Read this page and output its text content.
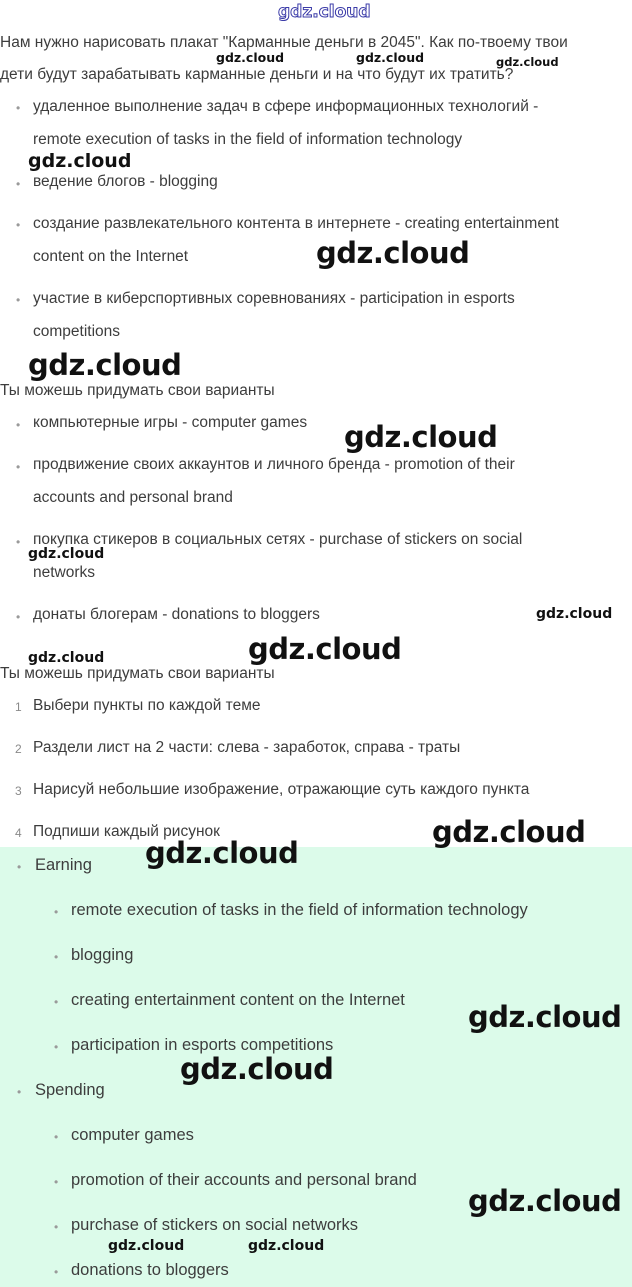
gdz.cloud
Нам нужно нарисовать плакат "Карманные деньги в 2045". Как по-твоему твои
дети будут зарабатывать карманные деньги и на что будут их тратить?
• удаленное выполнение задач в сфере информационных технологий -
remote execution of tasks in the field of information technology
• ведение блогов - blogging
• создание развлекательного контента в интернете - creating entertainment
content on the Internet
• участие в киберспортивных соревнованиях - participation in esports
competitions
Ты можешь придумать свои варианты
• компьютерные игры - computer games
• продвижение своих аккаунтов и личного бренда - promotion of their
accounts and personal brand
• покупка стикеров в социальных сетях - purchase of stickers on social
networks
• донаты блогерам - donations to bloggers
Ты можешь придумать свои варианты
1 Выбери пункты по каждой теме
2 Раздели лист на 2 части: слева - заработок, справа - траты
3 Нарисуй небольшие изображение, отражающие суть каждого пункта
4 Подпиши каждый рисунок
• Earning
• remote execution of tasks in the field of information technology
• blogging
• creating entertainment content on the Internet
• participation in esports competitions
• Spending
• computer games
• promotion of their accounts and personal brand
• purchase of stickers on social networks
• donations to bloggers
gdz.cloud	gdz.cloud	gdz.cloud
gdz.cloud
gdz.cloud
gdz.cloud
gdz.cloud
gdz.cloud
gdz.cloud
gdz.cloud
gdz.cloud
gdz.cloud
gdz.cloud
gdz.cloud
gdz.cloud
gdz.cloud
gdz.cloud	gdz.cloud
